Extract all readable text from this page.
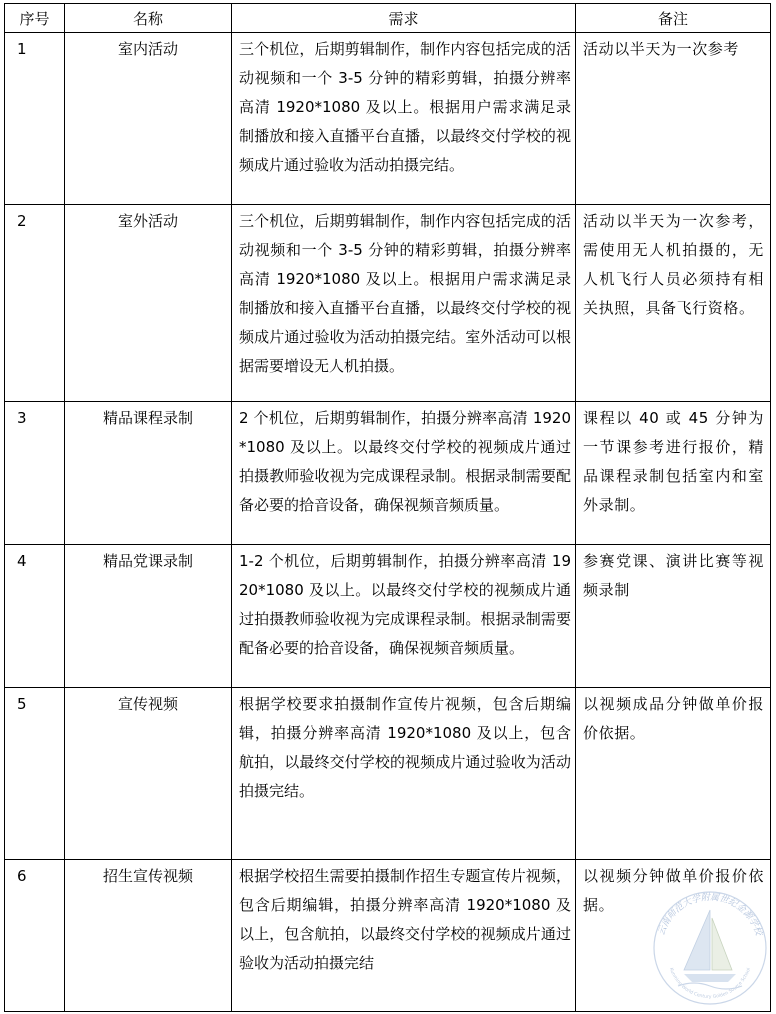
序号	名称	需求	备注
1	室内活动	三个机位，后期剪辑制作，制作内容包括完成的活动视频和一个 3-5 分钟的精彩剪辑，拍摄分辨率高清 1920*1080 及以上。根据用户需求满足录制播放和接入直播平台直播，以最终交付学校的视频成片通过验收为活动拍摄完结。	活动以半天为一次参考
2	室外活动	三个机位，后期剪辑制作，制作内容包括完成的活动视频和一个 3-5 分钟的精彩剪辑，拍摄分辨率高清 1920*1080 及以上。根据用户需求满足录制播放和接入直播平台直播，以最终交付学校的视频成片通过验收为活动拍摄完结。室外活动可以根据需要增设无人机拍摄。	活动以半天为一次参考，需使用无人机拍摄的，无人机飞行人员必须持有相关执照，具备飞行资格。
3	精品课程录制	2 个机位，后期剪辑制作，拍摄分辨率高清 1920*1080 及以上。以最终交付学校的视频成片通过拍摄教师验收视为完成课程录制。根据录制需要配备必要的拾音设备，确保视频音频质量。	课程以 40 或 45 分钟为一节课参考进行报价，精品课程录制包括室内和室外录制。
4	精品党课录制	1-2 个机位，后期剪辑制作，拍摄分辨率高清 1920*1080 及以上。以最终交付学校的视频成片通过拍摄教师验收视为完成课程录制。根据录制需要配备必要的拾音设备，确保视频音频质量。	参赛党课、演讲比赛等视频录制
5	宣传视频	根据学校要求拍摄制作宣传片视频，包含后期编辑，拍摄分辨率高清 1920*1080 及以上，包含航拍，以最终交付学校的视频成片通过验收为活动拍摄完结。	以视频成品分钟做单价报价依据。
6	招生宣传视频	根据学校招生需要拍摄制作招生专题宣传片视频，包含后期编辑，拍摄分辨率高清 1920*1080 及以上，包含航拍，以最终交付学校的视频成片通过验收为活动拍摄完结	以视频分钟做单价报价依据。
云南师范大学附属世纪金源学校
Kunming World Century Golden Source School
